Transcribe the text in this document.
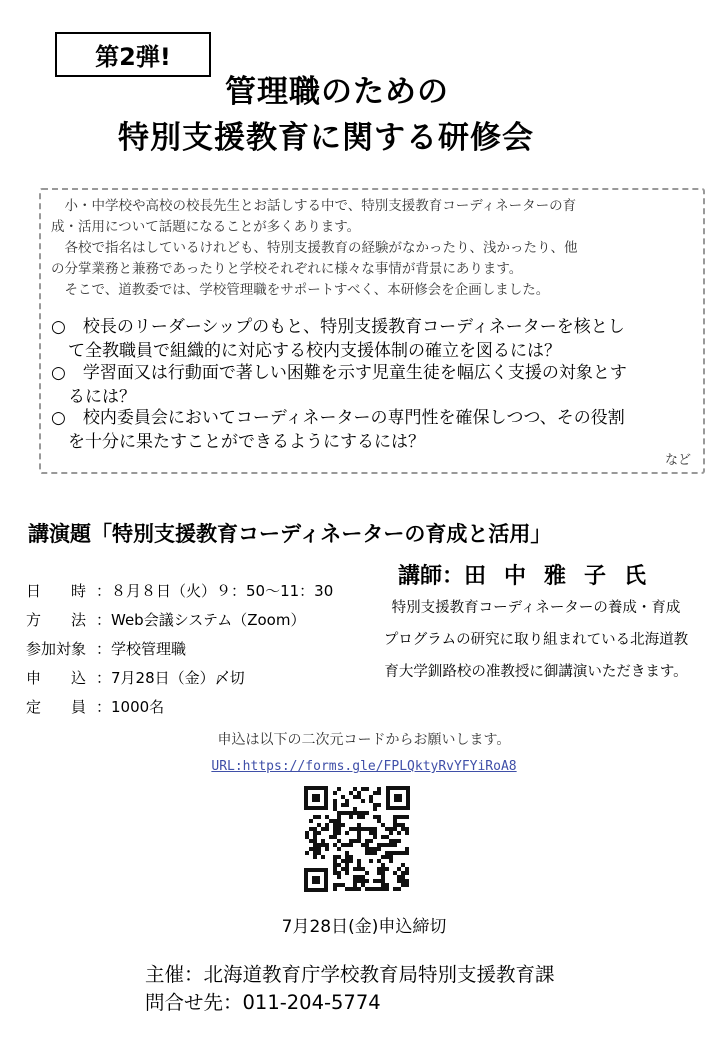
第2弾!
管理職のための
特別支援教育に関する研修会
　小・中学校や高校の校長先生とお話しする中で、特別支援教育コーディネーターの育
成・活用について話題になることが多くあります。
　各校で指名はしているけれども、特別支援教育の経験がなかったり、浅かったり、他
の分掌業務と兼務であったりと学校それぞれに様々な事情が背景にあります。
　そこで、道教委では、学校管理職をサポートすべく、本研修会を企画しました。
○　校長のリーダーシップのもと、特別支援教育コーディネーターを核とし
　て全教職員で組織的に対応する校内支援体制の確立を図るには？
○　学習面又は行動面で著しい困難を示す児童生徒を幅広く支援の対象とす
　るには？
○　校内委員会においてコーディネーターの専門性を確保しつつ、その役割
　を十分に果たすことができるようにするには？
など
講演題「特別支援教育コーディネーターの育成と活用」
講師：田中雅子氏
日　　時 ：８月８日（火）９：50～11：30
方　　法 ：Web会議システム（Zoom）
参加対象 ：学校管理職
申　　込 ：7月28日（金）〆切
定　　員 ：1000名
特別支援教育コーディネーターの養成・育成
プログラムの研究に取り組まれている北海道教
育大学釧路校の准教授に御講演いただきます。
申込は以下の二次元コードからお願いします。
URL:https://forms.gle/FPLQktyRvYFYiRoA8
7月28日(金)申込締切
主催：北海道教育庁学校教育局特別支援教育課
問合せ先：011-204-5774
